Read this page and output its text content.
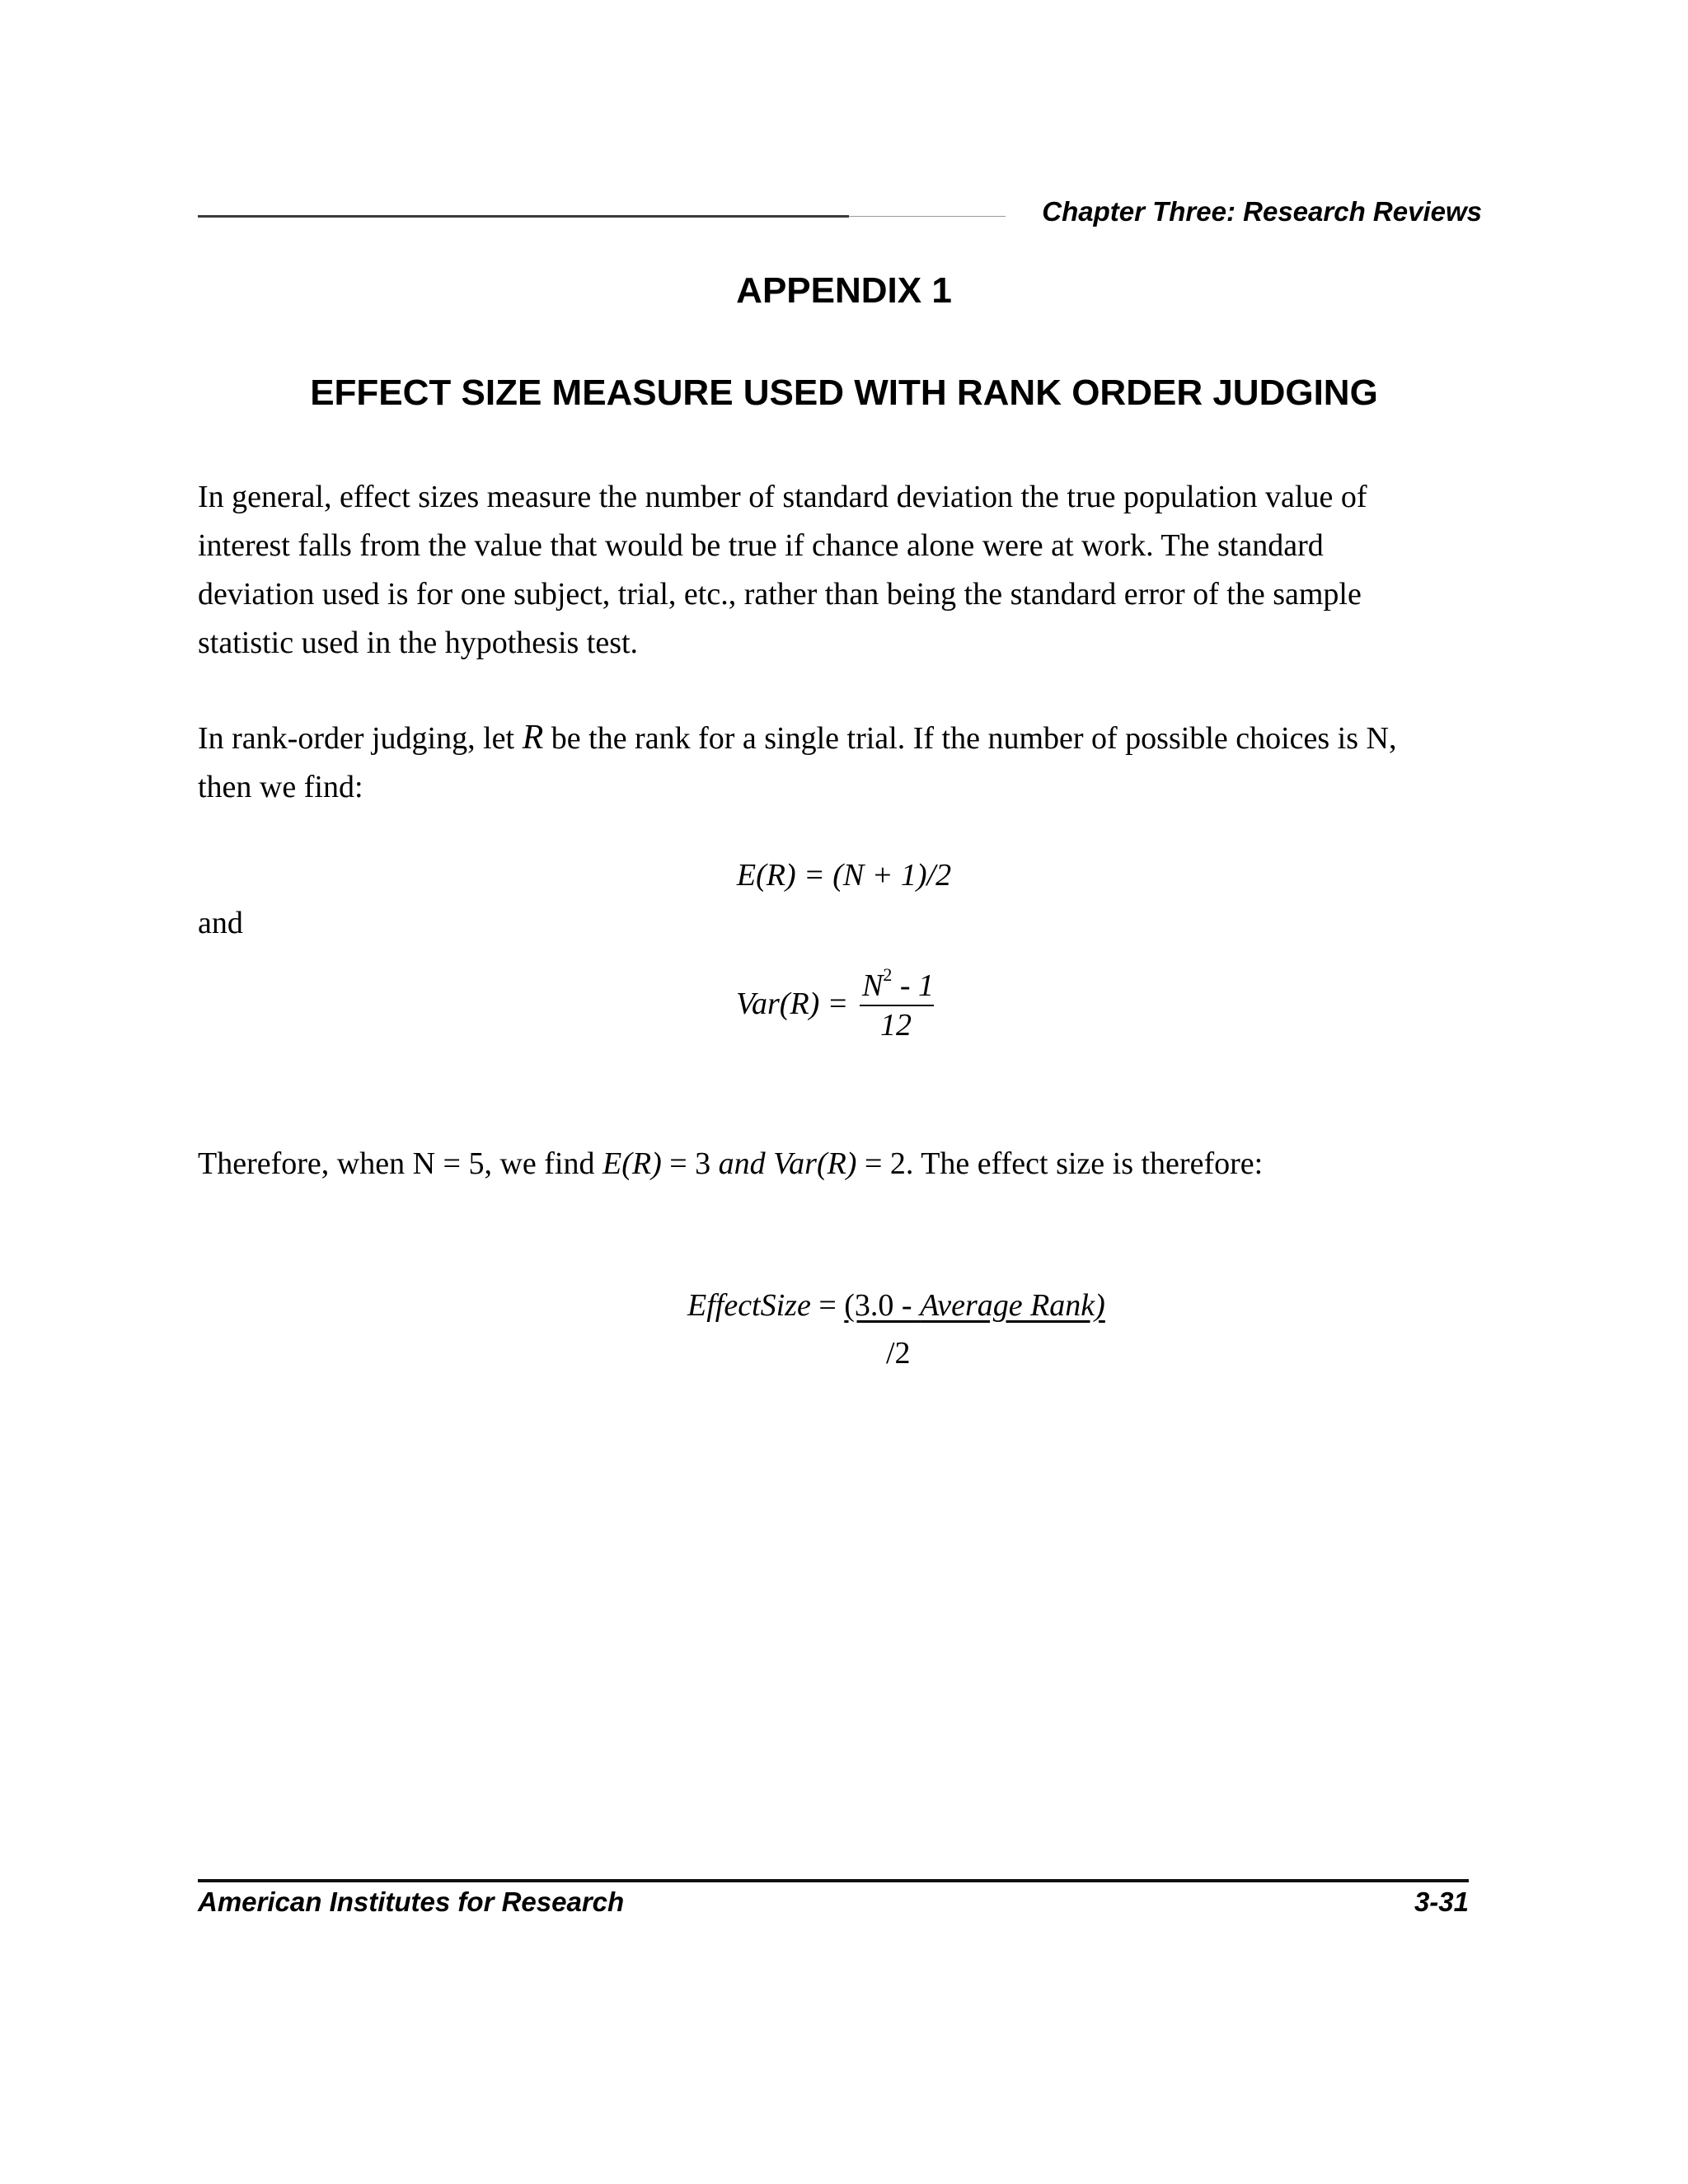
Chapter Three: Research Reviews
APPENDIX 1
EFFECT SIZE MEASURE USED WITH RANK ORDER JUDGING
In general, effect sizes measure the number of standard deviation the true population value of
interest falls from the value that would be true if chance alone were at work. The standard
deviation used is for one subject, trial, etc., rather than being the standard error of the sample
statistic used in the hypothesis test.
In rank-order judging, let R be the rank for a single trial. If the number of possible choices is N,
then we find:
E(R) = (N + 1)/2
and
Var(R) =
$N^2 - 1$
12
Therefore, when N = 5, we find E(R) = 3 and Var(R) = 2. The effect size is therefore:
EffectSize = (3.0 - Average Rank)
/2
American Institutes for Research	3-31
